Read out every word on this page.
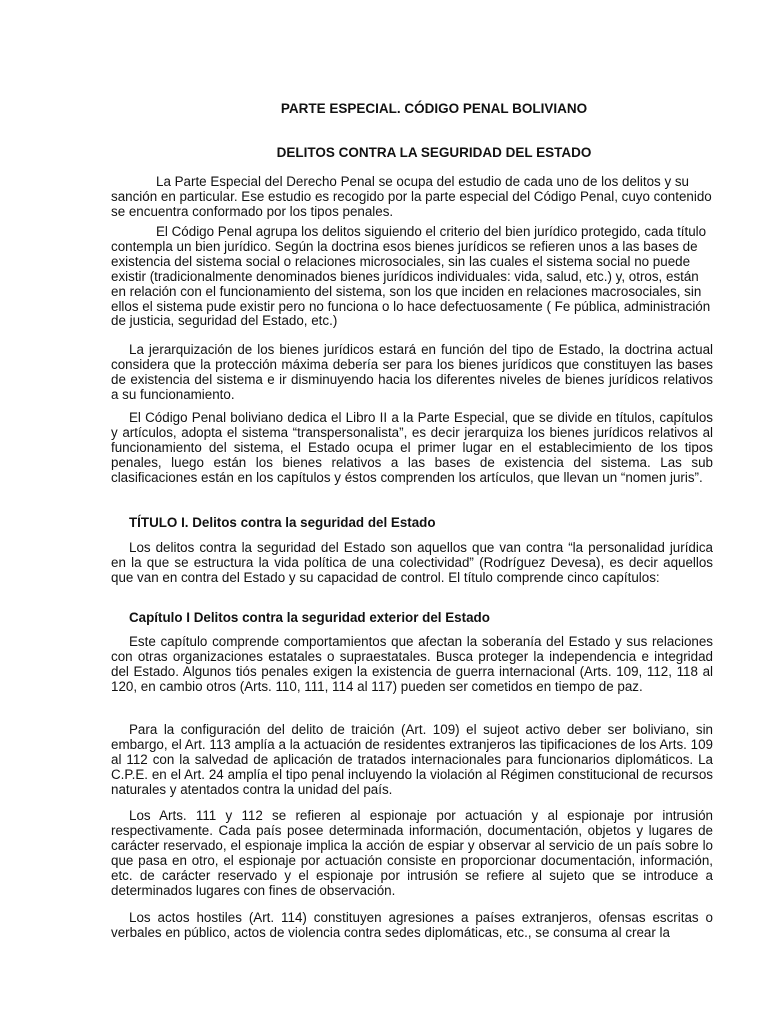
PARTE ESPECIAL. CÓDIGO PENAL BOLIVIANO
DELITOS CONTRA LA SEGURIDAD DEL ESTADO

La Parte Especial del Derecho Penal se ocupa del estudio de cada uno de los delitos y su sanción en particular. Ese estudio es recogido por la parte especial del Código Penal, cuyo contenido se encuentra conformado por los tipos penales.

El Código Penal agrupa los delitos siguiendo el criterio del bien jurídico protegido, cada título contempla un bien jurídico. Según la doctrina esos bienes jurídicos se refieren unos a las bases de existencia del sistema social o relaciones microsociales, sin las cuales el sistema social no puede existir (tradicionalmente denominados bienes jurídicos individuales: vida, salud, etc.) y, otros, están en relación con el funcionamiento del sistema, son los que inciden en relaciones macrosociales, sin ellos el sistema pude existir pero no funciona o lo hace defectuosamente ( Fe pública, administración de justicia, seguridad del Estado, etc.)

La jerarquización de los bienes jurídicos estará en función del tipo de Estado, la doctrina actual considera que la protección máxima debería ser para los bienes jurídicos que constituyen las bases de existencia del sistema e ir disminuyendo hacia los diferentes niveles de bienes jurídicos relativos a su funcionamiento.

El Código Penal boliviano dedica el Libro II a la Parte Especial, que se divide en títulos, capítulos y artículos, adopta el sistema “transpersonalista”, es decir jerarquiza los bienes jurídicos relativos al funcionamiento del sistema, el Estado ocupa el primer lugar en el establecimiento de los tipos penales, luego están los bienes relativos a las bases de existencia del sistema. Las sub clasificaciones están en los capítulos y éstos comprenden los artículos, que llevan un “nomen juris”.

TÍTULO I. Delitos contra la seguridad del Estado

Los delitos contra la seguridad del Estado son aquellos que van contra “la personalidad jurídica en la que se estructura la vida política de una colectividad” (Rodríguez Devesa), es decir aquellos que van en contra del Estado y su capacidad de control. El título comprende cinco capítulos:

Capítulo I Delitos contra la seguridad exterior del Estado

Este capítulo comprende comportamientos que afectan la soberanía del Estado y sus relaciones con otras organizaciones estatales o supraestatales. Busca proteger la independencia e integridad del Estado. Algunos tiós penales exigen la existencia de guerra internacional (Arts. 109, 112, 118 al 120, en cambio otros (Arts. 110, 111, 114 al 117) pueden ser cometidos en tiempo de paz.

Para la configuración del delito de traición (Art. 109) el sujeot activo deber ser boliviano, sin embargo, el Art. 113 amplía a la actuación de residentes extranjeros las tipificaciones de los Arts. 109 al 112 con la salvedad de aplicación de tratados internacionales para funcionarios diplomáticos. La C.P.E. en el Art. 24 amplía el tipo penal incluyendo la violación al Régimen constitucional de recursos naturales y atentados contra la unidad del país.

Los Arts. 111 y 112 se refieren al espionaje por actuación y al espionaje por intrusión respectivamente. Cada país posee determinada información, documentación, objetos y lugares de carácter reservado, el espionaje implica la acción de espiar y observar al servicio de un país sobre lo que pasa en otro, el espionaje por actuación consiste en proporcionar documentación, información, etc. de carácter reservado y el espionaje por intrusión se refiere al sujeto que se introduce a determinados lugares con fines de observación.

Los actos hostiles (Art. 114) constituyen agresiones a países extranjeros, ofensas escritas o verbales en público, actos de violencia contra sedes diplomáticas, etc., se consuma al crear la
